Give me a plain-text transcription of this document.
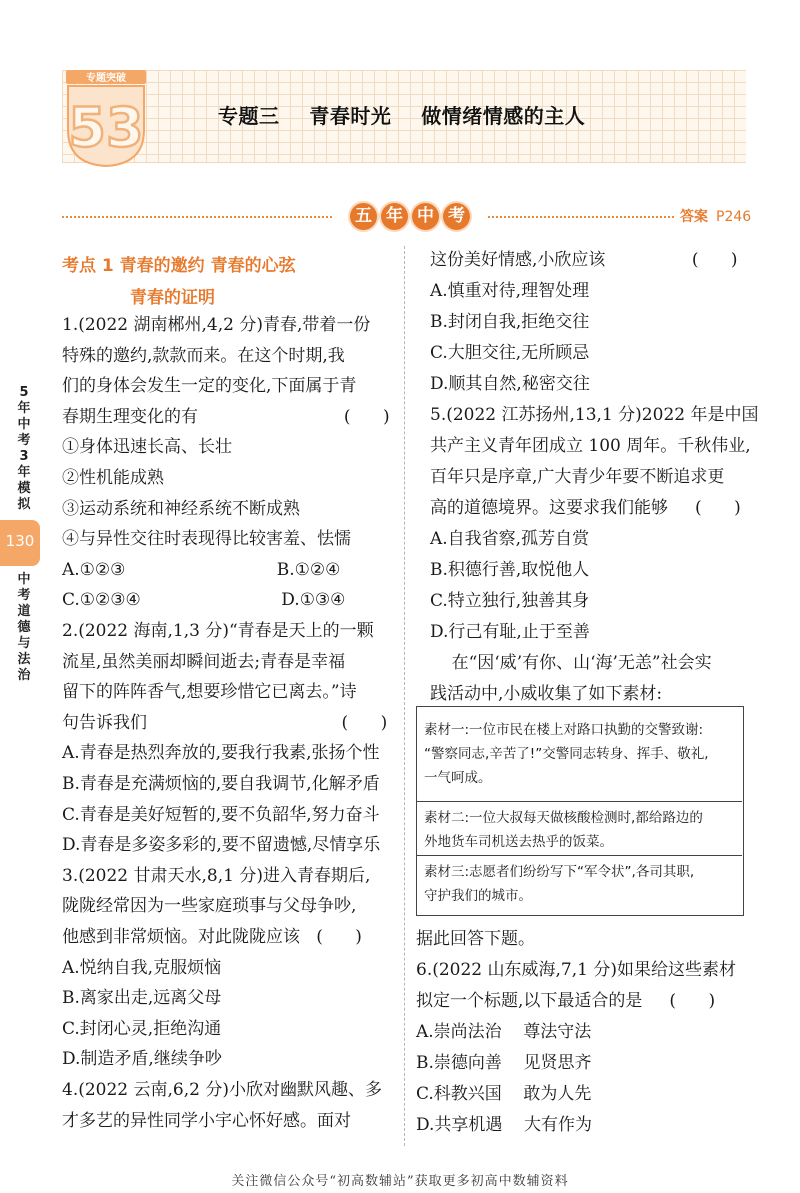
专题突破
53	专题三    青春时光    做情绪情感的主人
五 年 中 考	答案 P246
5年中考3年模拟
130
中考道德与法治
考点 1 青春的邀约 青春的心弦
青春的证明
1.(2022 湖南郴州,4,2 分)青春,带着一份
特殊的邀约,款款而来。在这个时期,我
们的身体会发生一定的变化,下面属于青
春期生理变化的有                           (      )
①身体迅速长高、长壮
②性机能成熟
③运动系统和神经系统不断成熟
④与异性交往时表现得比较害羞、怯懦
A.①②③                            B.①②④
C.①②③④                          D.①③④
2.(2022 海南,1,3 分)“青春是天上的一颗
流星,虽然美丽却瞬间逝去;青春是幸福
留下的阵阵香气,想要珍惜它已离去。”诗
句告诉我们                                    (      )
A.青春是热烈奔放的,要我行我素,张扬个性
B.青春是充满烦恼的,要自我调节,化解矛盾
C.青春是美好短暂的,要不负韶华,努力奋斗
D.青春是多姿多彩的,要不留遗憾,尽情享乐
3.(2022 甘肃天水,8,1 分)进入青春期后,
陇陇经常因为一些家庭琐事与父母争吵,
他感到非常烦恼。对此陇陇应该   (      )
A.悦纳自我,克服烦恼
B.离家出走,远离父母
C.封闭心灵,拒绝沟通
D.制造矛盾,继续争吵
4.(2022 云南,6,2 分)小欣对幽默风趣、多
才多艺的异性同学小宇心怀好感。面对
这份美好情感,小欣应该                (      )
A.慎重对待,理智处理
B.封闭自我,拒绝交往
C.大胆交往,无所顾忌
D.顺其自然,秘密交往
5.(2022 江苏扬州,13,1 分)2022 年是中国
共产主义青年团成立 100 周年。千秋伟业,
百年只是序章,广大青少年要不断追求更
高的道德境界。这要求我们能够     (      )
A.自我省察,孤芳自赏
B.积德行善,取悦他人
C.特立独行,独善其身
D.行己有耻,止于至善
在“因‘威’有你、山‘海’无恙”社会实
践活动中,小威收集了如下素材:
素材一:一位市民在楼上对路口执勤的交警致谢:
“警察同志,辛苦了!”交警同志转身、挥手、敬礼,
一气呵成。
素材二:一位大叔每天做核酸检测时,都给路边的
外地货车司机送去热乎的饭菜。
素材三:志愿者们纷纷写下“军令状”,各司其职,
守护我们的城市。
据此回答下题。
6.(2022 山东威海,7,1 分)如果给这些素材
拟定一个标题,以下最适合的是     (      )
A.崇尚法治    尊法守法
B.崇德向善    见贤思齐
C.科教兴国    敢为人先
D.共享机遇    大有作为
关注微信公众号“初高数辅站”获取更多初高中数辅资料
